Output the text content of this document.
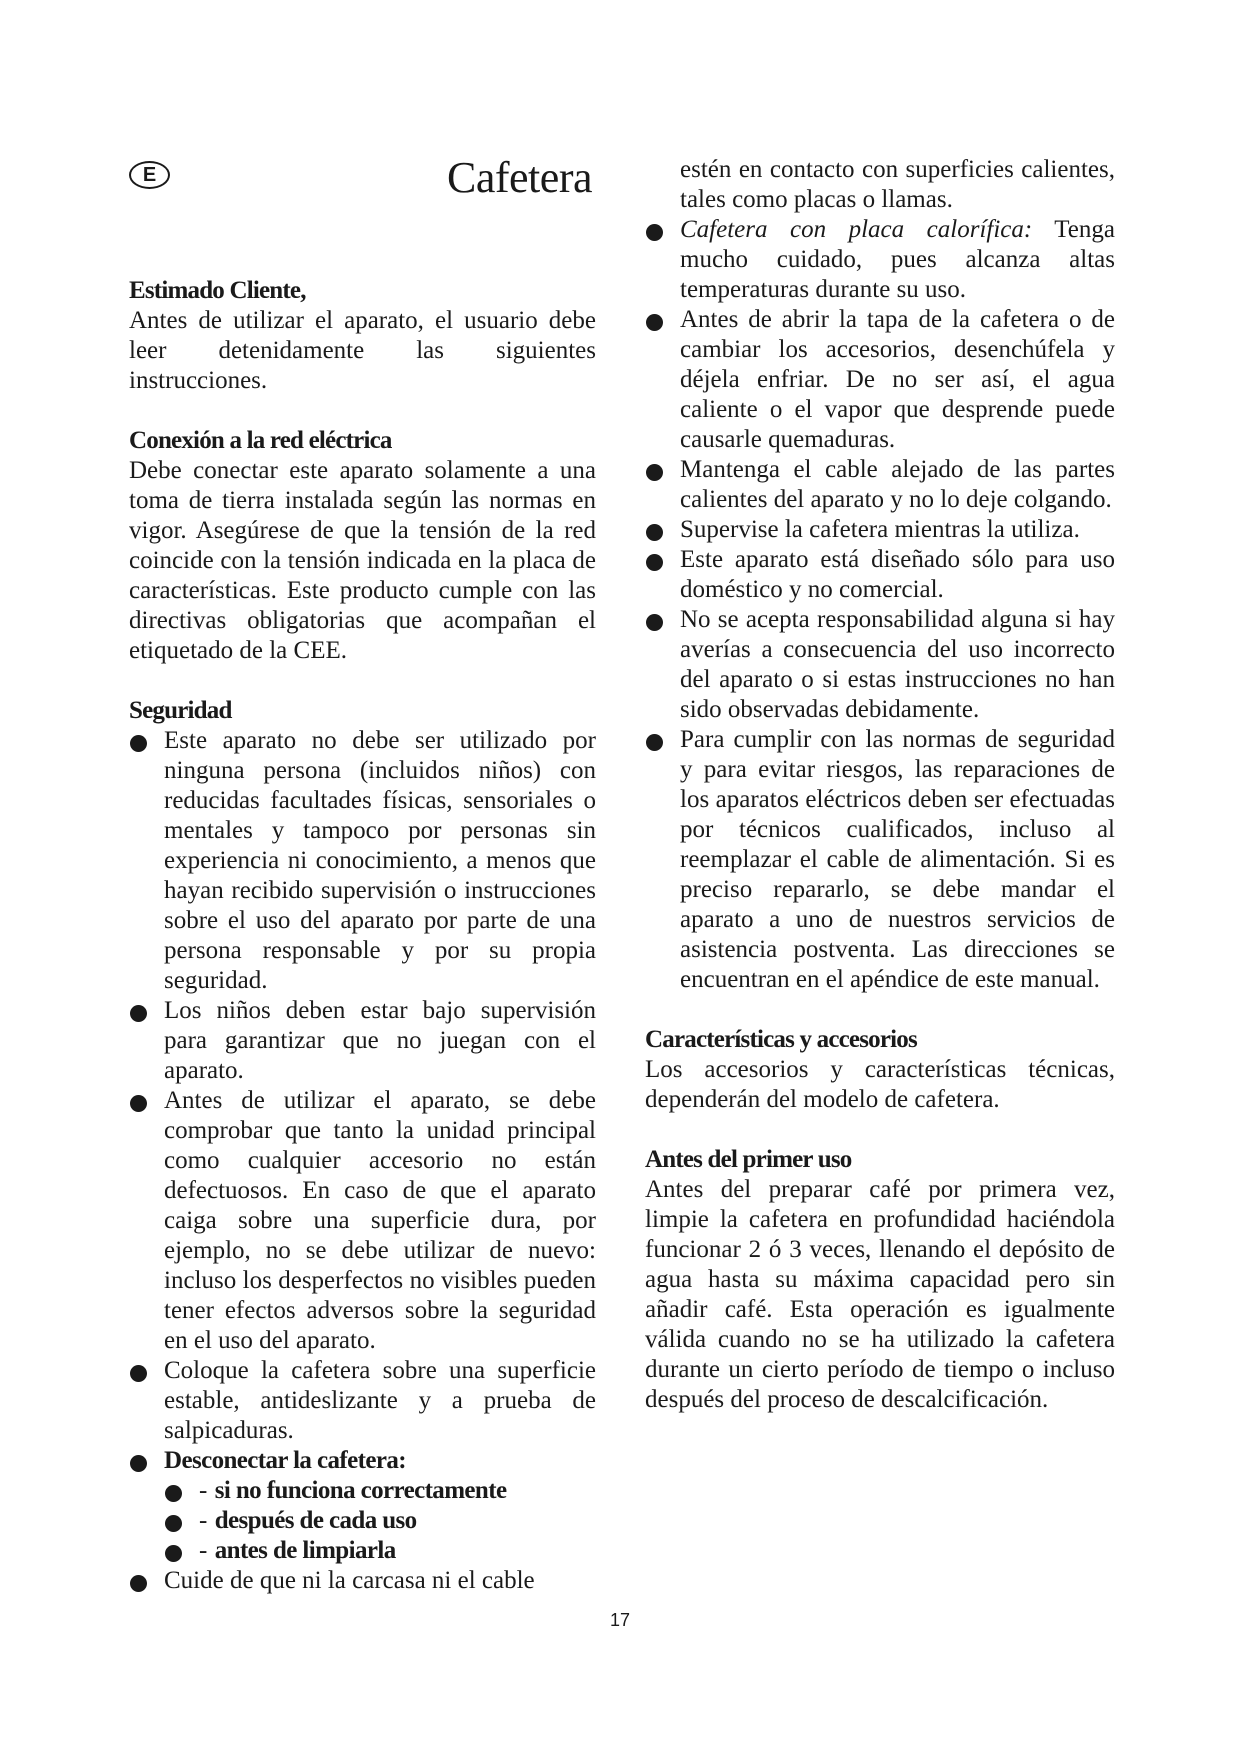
E	Cafetera

Estimado Cliente,

Antes de utilizar el aparato, el usuario debe leer detenidamente las siguientes instrucciones.

Conexión a la red eléctrica

Debe conectar este aparato solamente a una toma de tierra instalada según las normas en vigor. Asegúrese de que la tensión de la red coincide con la tensión indicada en la placa de características. Este producto cumple con las directivas obligatorias que acompañan el etiquetado de la CEE.

Seguridad

Este aparato no debe ser utilizado por ninguna persona (incluidos niños) con reducidas facultades físicas, sensoriales o mentales y tampoco por personas sin experiencia ni conocimiento, a menos que hayan recibido supervisión o instrucciones sobre el uso del aparato por parte de una persona responsable y por su propia seguridad.
Los niños deben estar bajo supervisión para garantizar que no juegan con el aparato.
Antes de utilizar el aparato, se debe comprobar que tanto la unidad principal como cualquier accesorio no están defectuosos. En caso de que el aparato caiga sobre una superficie dura, por ejemplo, no se debe utilizar de nuevo: incluso los desperfectos no visibles pueden tener efectos adversos sobre la seguridad en el uso del aparato.
Coloque la cafetera sobre una superficie estable, antideslizante y a prueba de salpicaduras.
Desconectar la cafetera:
- si no funciona correctamente
- después de cada uso
- antes de limpiarla
Cuide de que ni la carcasa ni el cable
estén en contacto con superficies calientes, tales como placas o llamas.
Cafetera con placa calorífica: Tenga mucho cuidado, pues alcanza altas temperaturas durante su uso.
Antes de abrir la tapa de la cafetera o de cambiar los accesorios, desenchúfela y déjela enfriar. De no ser así, el agua caliente o el vapor que desprende puede causarle quemaduras.
Mantenga el cable alejado de las partes calientes del aparato y no lo deje colgando.
Supervise la cafetera mientras la utiliza.
Este aparato está diseñado sólo para uso doméstico y no comercial.
No se acepta responsabilidad alguna si hay averías a consecuencia del uso incorrecto del aparato o si estas instrucciones no han sido observadas debidamente.
Para cumplir con las normas de seguridad y para evitar riesgos, las reparaciones de los aparatos eléctricos deben ser efectuadas por técnicos cualificados, incluso al reemplazar el cable de alimentación. Si es preciso repararlo, se debe mandar el aparato a uno de nuestros servicios de asistencia postventa. Las direcciones se encuentran en el apéndice de este manual.

Características y accesorios

Los accesorios y características técnicas, dependerán del modelo de cafetera.

Antes del primer uso

Antes del preparar café por primera vez, limpie la cafetera en profundidad haciéndola funcionar 2 ó 3 veces, llenando el depósito de agua hasta su máxima capacidad pero sin añadir café. Esta operación es igualmente válida cuando no se ha utilizado la cafetera durante un cierto período de tiempo o incluso después del proceso de descalcificación.

17
